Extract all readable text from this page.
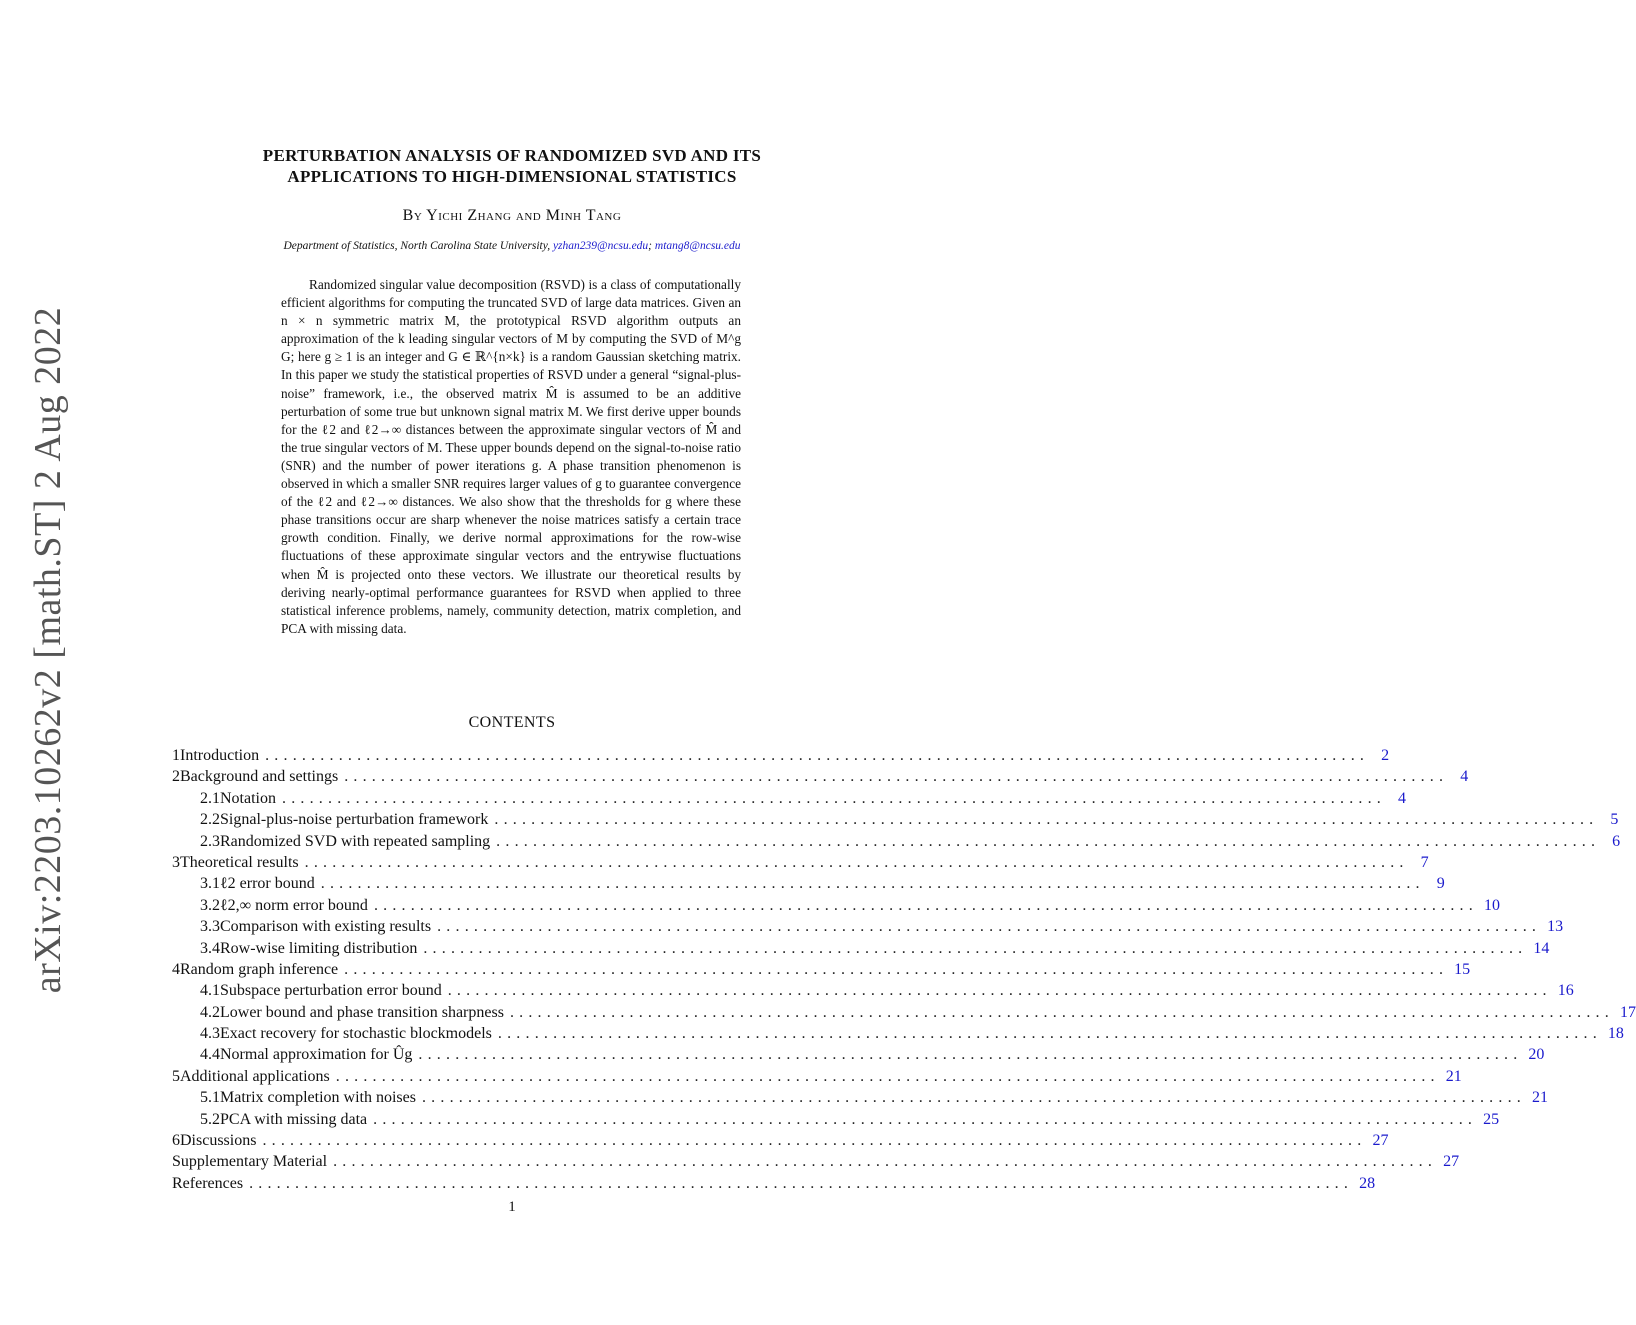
arXiv:2203.10262v2 [math.ST] 2 Aug 2022
PERTURBATION ANALYSIS OF RANDOMIZED SVD AND ITS
APPLICATIONS TO HIGH-DIMENSIONAL STATISTICS
By Yichi Zhang and Minh Tang
Department of Statistics, North Carolina State University, yzhan239@ncsu.edu; mtang8@ncsu.edu
Randomized singular value decomposition (RSVD) is a class of computationally efficient algorithms for computing the truncated SVD of large data matrices. Given an n × n symmetric matrix M, the prototypical RSVD algorithm outputs an approximation of the k leading singular vectors of M by computing the SVD of M^g G; here g ≥ 1 is an integer and G ∈ ℝ^{n×k} is a random Gaussian sketching matrix. In this paper we study the statistical properties of RSVD under a general “signal-plus-noise” framework, i.e., the observed matrix M̂ is assumed to be an additive perturbation of some true but unknown signal matrix M. We first derive upper bounds for the ℓ2 and ℓ2→∞ distances between the approximate singular vectors of M̂ and the true singular vectors of M. These upper bounds depend on the signal-to-noise ratio (SNR) and the number of power iterations g. A phase transition phenomenon is observed in which a smaller SNR requires larger values of g to guarantee convergence of the ℓ2 and ℓ2→∞ distances. We also show that the thresholds for g where these phase transitions occur are sharp whenever the noise matrices satisfy a certain trace growth condition. Finally, we derive normal approximations for the row-wise fluctuations of these approximate singular vectors and the entrywise fluctuations when M̂ is projected onto these vectors. We illustrate our theoretical results by deriving nearly-optimal performance guarantees for RSVD when applied to three statistical inference problems, namely, community detection, matrix completion, and PCA with missing data.
CONTENTS
1 Introduction ........................................................................................................................ 2
2 Background and settings ........................................................................................................................ 4
2.1 Notation ........................................................................................................................ 4
2.2 Signal-plus-noise perturbation framework ........................................................................................................................ 5
2.3 Randomized SVD with repeated sampling ........................................................................................................................ 6
3 Theoretical results ........................................................................................................................ 7
3.1 ℓ2 error bound ........................................................................................................................ 9
3.2 ℓ2,∞ norm error bound ........................................................................................................................ 10
3.3 Comparison with existing results ........................................................................................................................ 13
3.4 Row-wise limiting distribution ........................................................................................................................ 14
4 Random graph inference ........................................................................................................................ 15
4.1 Subspace perturbation error bound ........................................................................................................................ 16
4.2 Lower bound and phase transition sharpness ........................................................................................................................ 17
4.3 Exact recovery for stochastic blockmodels ........................................................................................................................ 18
4.4 Normal approximation for Ûg ........................................................................................................................ 20
5 Additional applications ........................................................................................................................ 21
5.1 Matrix completion with noises ........................................................................................................................ 21
5.2 PCA with missing data ........................................................................................................................ 25
6 Discussions ........................................................................................................................ 27
Supplementary Material ........................................................................................................................ 27
References ........................................................................................................................ 28
1
